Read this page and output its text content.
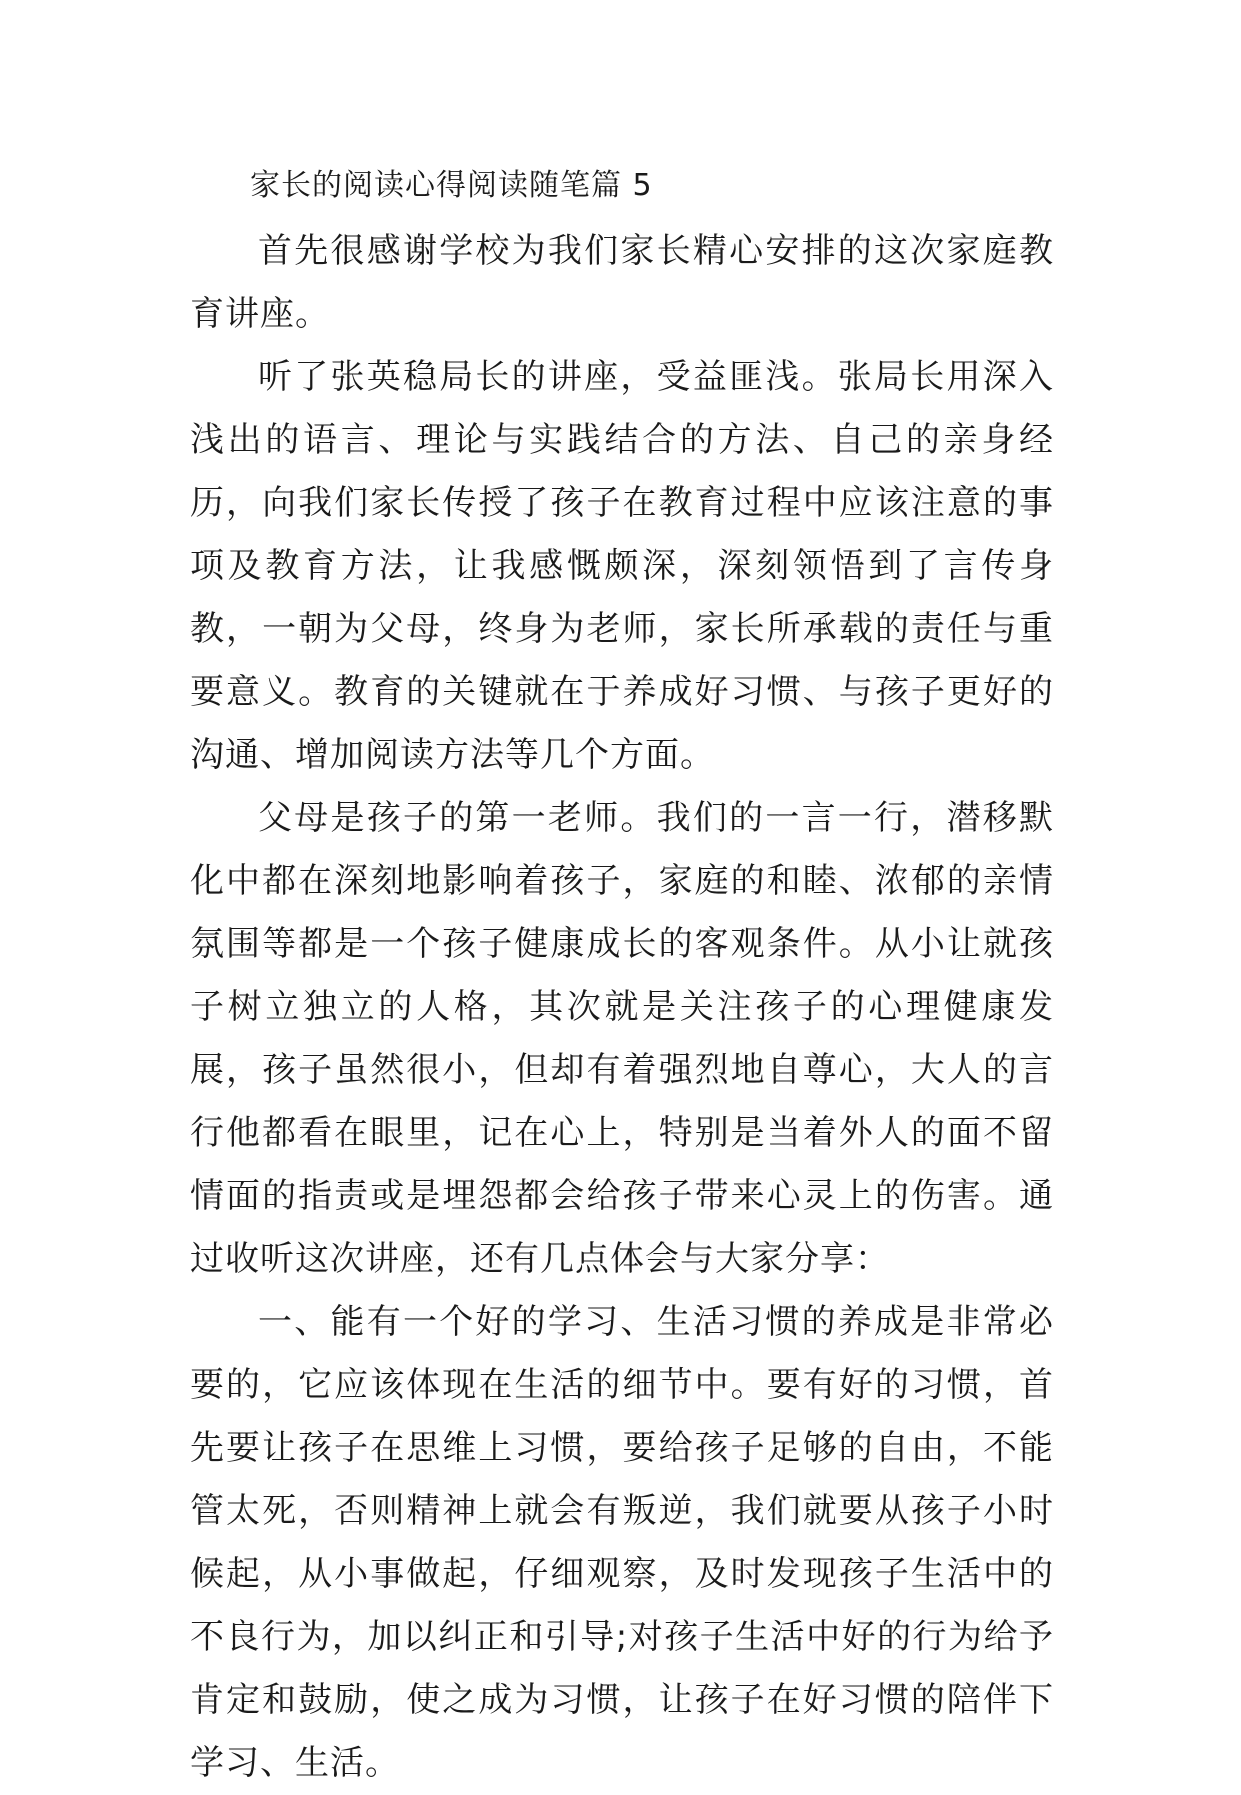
家长的阅读心得阅读随笔篇 5

首先很感谢学校为我们家长精心安排的这次家庭教育讲座。

听了张英稳局长的讲座，受益匪浅。张局长用深入浅出的语言、理论与实践结合的方法、自己的亲身经历，向我们家长传授了孩子在教育过程中应该注意的事项及教育方法，让我感慨颇深，深刻领悟到了言传身教，一朝为父母，终身为老师，家长所承载的责任与重要意义。教育的关键就在于养成好习惯、与孩子更好的沟通、增加阅读方法等几个方面。

父母是孩子的第一老师。我们的一言一行，潜移默化中都在深刻地影响着孩子，家庭的和睦、浓郁的亲情氛围等都是一个孩子健康成长的客观条件。从小让就孩子树立独立的人格，其次就是关注孩子的心理健康发展，孩子虽然很小，但却有着强烈地自尊心，大人的言行他都看在眼里，记在心上，特别是当着外人的面不留情面的指责或是埋怨都会给孩子带来心灵上的伤害。通过收听这次讲座，还有几点体会与大家分享：

一、能有一个好的学习、生活习惯的养成是非常必要的，它应该体现在生活的细节中。要有好的习惯，首先要让孩子在思维上习惯，要给孩子足够的自由，不能管太死，否则精神上就会有叛逆，我们就要从孩子小时候起，从小事做起，仔细观察，及时发现孩子生活中的不良行为，加以纠正和引导;对孩子生活中好的行为给予肯定和鼓励，使之成为习惯，让孩子在好习惯的陪伴下学习、生活。
